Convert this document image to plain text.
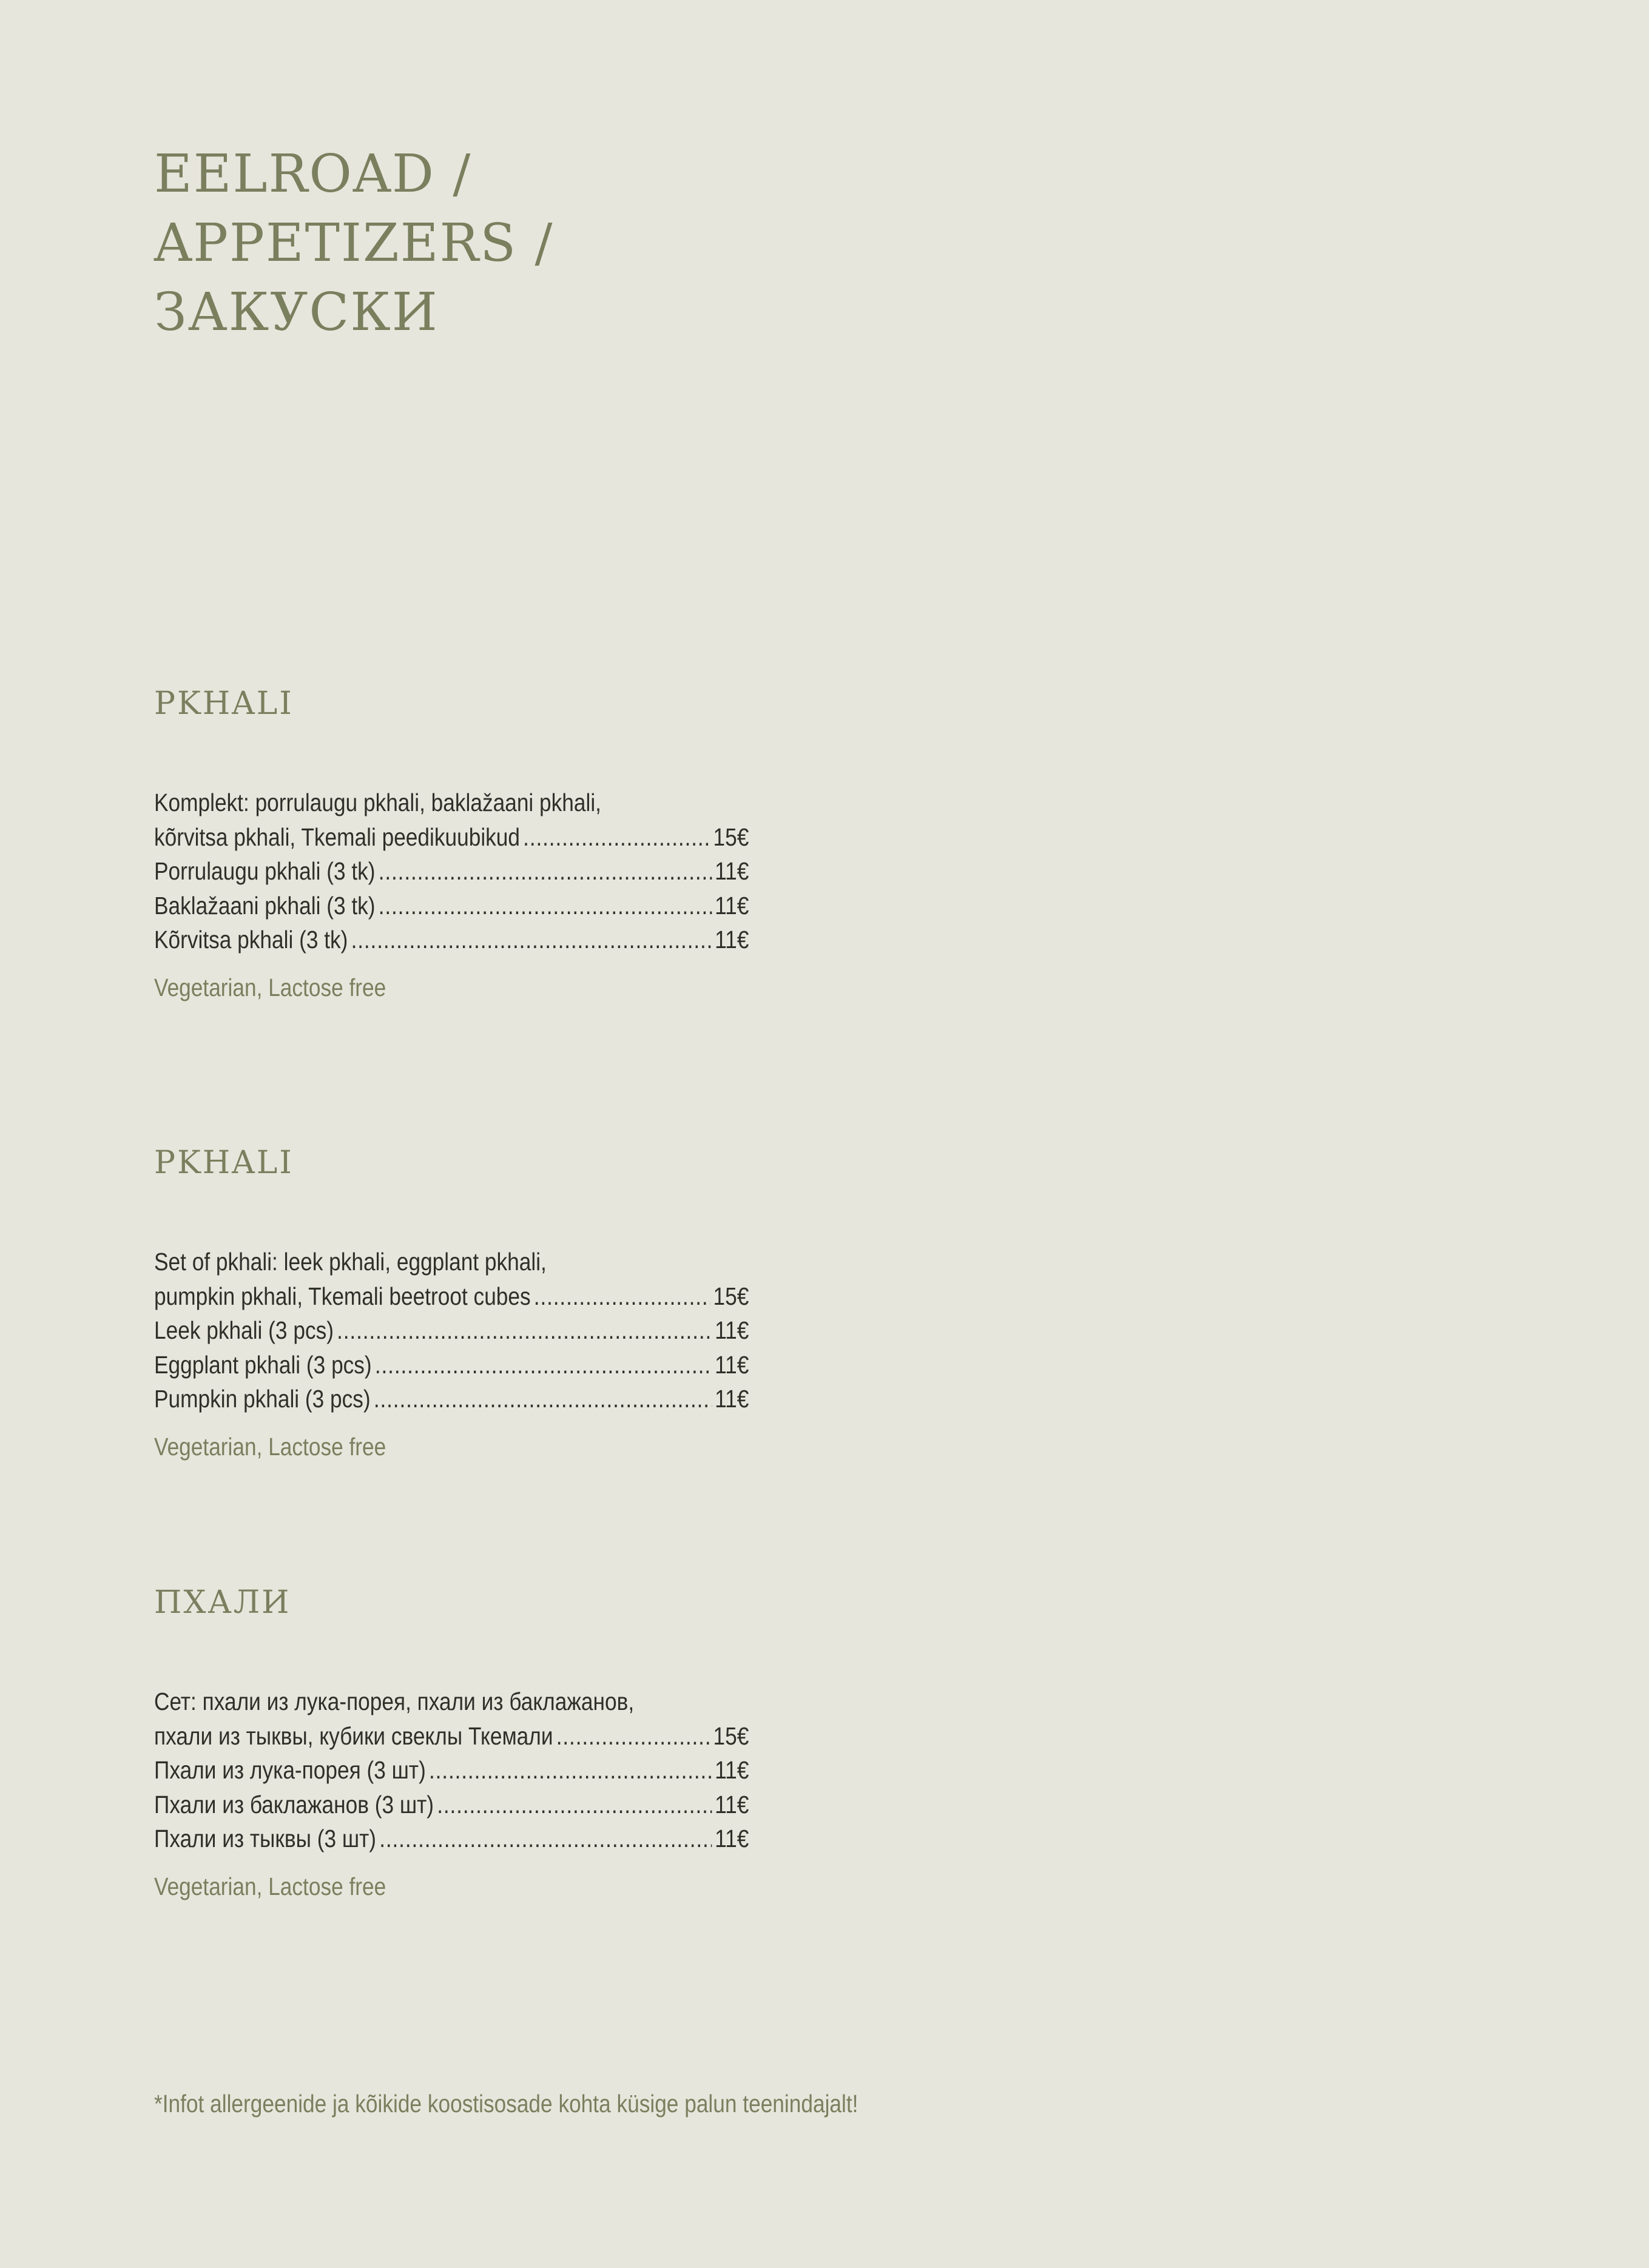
EELROAD /
APPETIZERS /
ЗАКУСКИ
PKHALI
Komplekt: porrulaugu pkhali, baklažaani pkhali,
kõrvitsa pkhali, Tkemali peedikuubikud .....	15€
Porrulaugu pkhali (3 tk) .....	11€
Baklažaani pkhali (3 tk) .....	11€
Kõrvitsa pkhali (3 tk) .....	11€
Vegetarian, Lactose free
PKHALI
Set of pkhali: leek pkhali, eggplant pkhali,
pumpkin pkhali, Tkemali beetroot cubes .....	15€
Leek pkhali (3 pcs) .....	11€
Eggplant pkhali (3 pcs) .....	11€
Pumpkin pkhali (3 pcs) .....	11€
Vegetarian, Lactose free
ПХАЛИ
Сет: пхали из лука-порея, пхали из баклажанов,
пхали из тыквы, кубики свеклы Ткемали .....	15€
Пхали из лука-порея (3 шт) .....	11€
Пхали из баклажанов (3 шт) .....	11€
Пхали из тыквы (3 шт) .....	11€
Vegetarian, Lactose free
*Infot allergeenide ja kõikide koostisosade kohta küsige palun teenindajalt!
